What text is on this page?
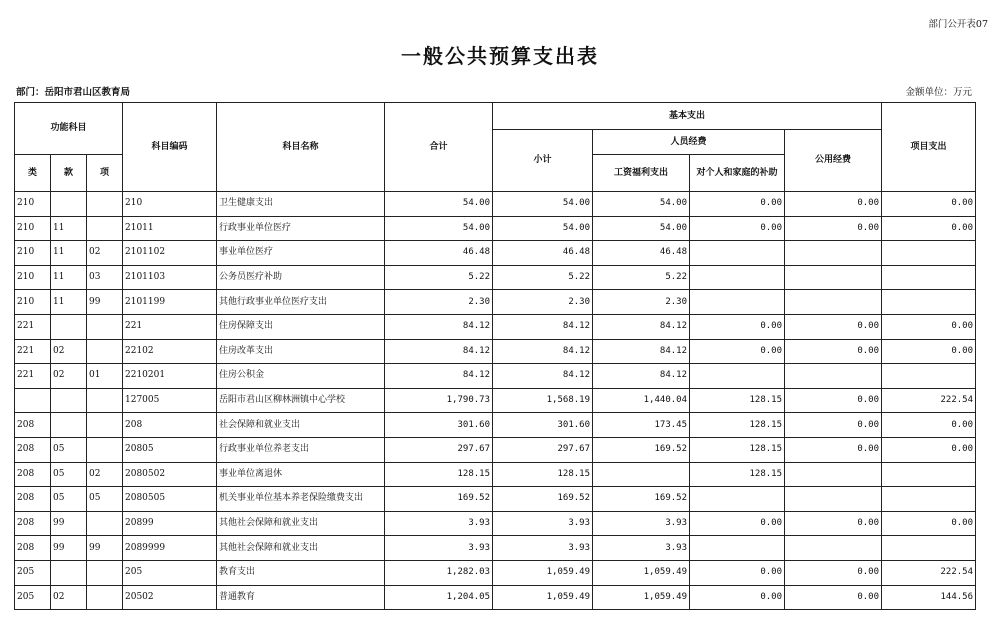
部门公开表07
一般公共预算支出表
部门：岳阳市君山区教育局	金额单位：万元
功能科目			科目编码	科目名称	合计	基本支出				项目支出
						小计	人员经费		公用经费	
类	款	项					工资福利支出	对个人和家庭的补助		
210			210	卫生健康支出	54.00	54.00	54.00	0.00	0.00	0.00
210	11		21011	行政事业单位医疗	54.00	54.00	54.00	0.00	0.00	0.00
210	11	02	2101102	事业单位医疗	46.48	46.48	46.48			
210	11	03	2101103	公务员医疗补助	5.22	5.22	5.22			
210	11	99	2101199	其他行政事业单位医疗支出	2.30	2.30	2.30			
221			221	住房保障支出	84.12	84.12	84.12	0.00	0.00	0.00
221	02		22102	住房改革支出	84.12	84.12	84.12	0.00	0.00	0.00
221	02	01	2210201	住房公积金	84.12	84.12	84.12			
			127005	岳阳市君山区柳林洲镇中心学校	1,790.73	1,568.19	1,440.04	128.15	0.00	222.54
208			208	社会保障和就业支出	301.60	301.60	173.45	128.15	0.00	0.00
208	05		20805	行政事业单位养老支出	297.67	297.67	169.52	128.15	0.00	0.00
208	05	02	2080502	事业单位离退休	128.15	128.15		128.15		
208	05	05	2080505	机关事业单位基本养老保险缴费支出	169.52	169.52	169.52			
208	99		20899	其他社会保障和就业支出	3.93	3.93	3.93	0.00	0.00	0.00
208	99	99	2089999	其他社会保障和就业支出	3.93	3.93	3.93			
205			205	教育支出	1,282.03	1,059.49	1,059.49	0.00	0.00	222.54
205	02		20502	普通教育	1,204.05	1,059.49	1,059.49	0.00	0.00	144.56
